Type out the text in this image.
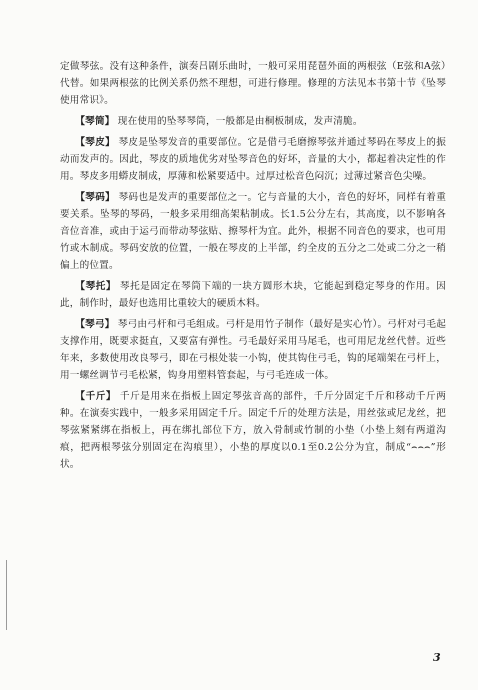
定做琴弦。没有这种条件，演奏吕剧乐曲时，一般可采用琵琶外面的两根弦（E弦和A弦）代替。如果两根弦的比例关系仍然不理想，可进行修理。修理的方法见本书第十节《坠琴使用常识》。

【琴筒】 现在使用的坠琴琴筒，一般都是由桐板制成，发声清脆。

【琴皮】 琴皮是坠琴发音的重要部位。它是借弓毛磨擦琴弦并通过琴码在琴皮上的振动而发声的。因此，琴皮的质地优劣对坠琴音色的好坏，音量的大小，都起着决定性的作用。琴皮多用蟒皮制成，厚薄和松紧要适中。过厚过松音色闷沉；过薄过紧音色尖噪。

【琴码】 琴码也是发声的重要部位之一。它与音量的大小，音色的好坏，同样有着重要关系。坠琴的琴码，一般多采用细高架粘制成。长1.5公分左右，其高度，以不影响各音位音准，或由于运弓而带动琴弦贴、擦琴杆为宜。此外，根据不同音色的要求，也可用竹或木制成。琴码安放的位置，一般在琴皮的上半部，约全皮的五分之二处或二分之一稍偏上的位置。

【琴托】 琴托是固定在琴筒下端的一块方圆形木块，它能起到稳定琴身的作用。因此，制作时，最好也选用比重较大的硬质木料。

【琴弓】 琴弓由弓杆和弓毛组成。弓杆是用竹子制作（最好是实心竹）。弓杆对弓毛起支撑作用，既要求挺直，又要富有弹性。弓毛最好采用马尾毛，也可用尼龙丝代替。近些年来，多数使用改良琴弓，即在弓根处装一小钩，使其钩住弓毛，钩的尾端架在弓杆上，用一螺丝调节弓毛松紧，钩身用塑料管套起，与弓毛连成一体。

【千斤】 千斤是用来在指板上固定琴弦音高的部件，千斤分固定千斤和移动千斤两种。在演奏实践中，一般多采用固定千斤。固定千斤的处理方法是，用丝弦或尼龙丝，把琴弦紧紧绑在指板上，再在绑扎部位下方，放入骨制或竹制的小垫（小垫上刻有两道沟痕，把两根琴弦分别固定在沟痕里），小垫的厚度以0.1至0.2公分为宜，制成“⌢⌢⌢”形状。

3
